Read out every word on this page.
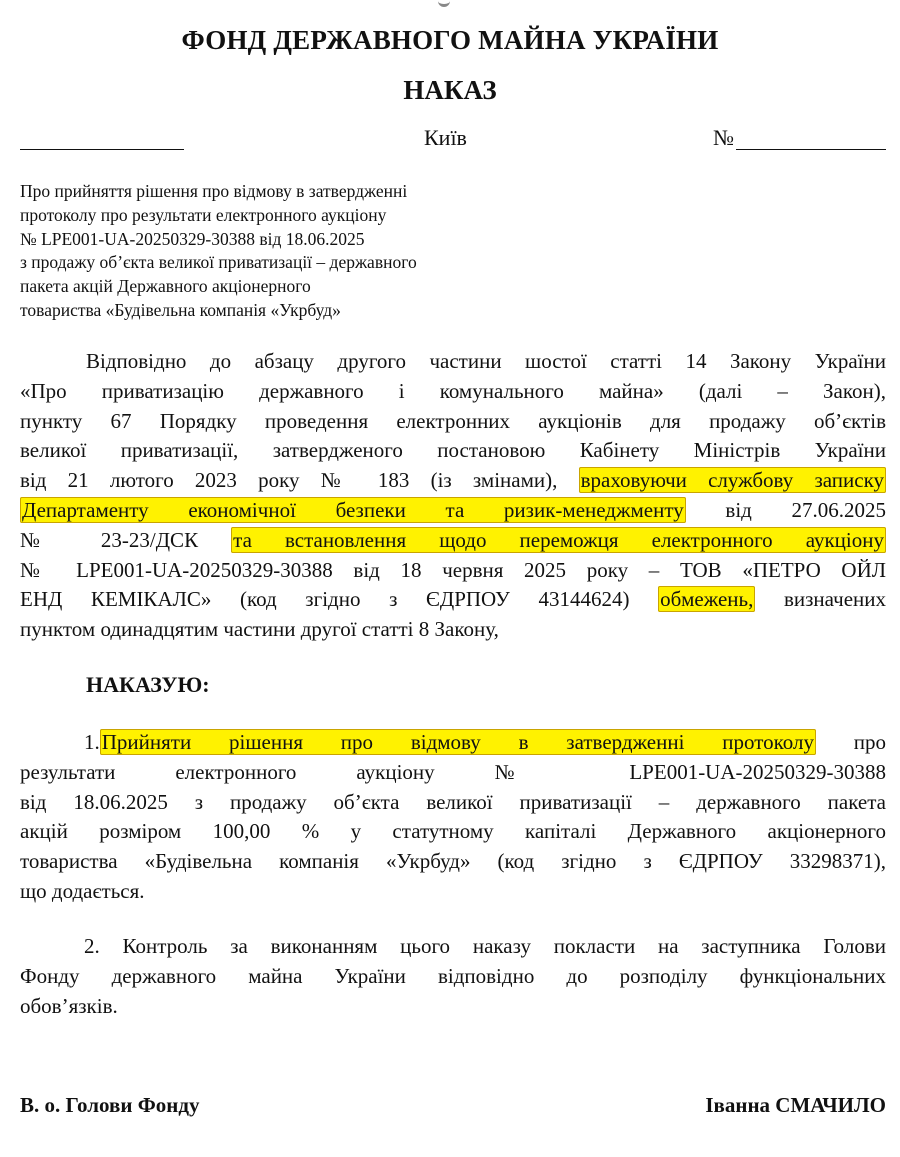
ФОНД ДЕРЖАВНОГО МАЙНА УКРАЇНИ
НАКАЗ
Київ	№
Про прийняття рішення про відмову в затвердженні
протоколу про результати електронного аукціону
№ LPE001-UA-20250329-30388 від 18.06.2025
з продажу об’єкта великої приватизації – державного
пакета акцій Державного акціонерного
товариства «Будівельна компанія «Укрбуд»
Відповідно до абзацу другого частини шостої статті 14 Закону України
«Про приватизацію державного і комунального майна» (далі – Закон),
пункту 67 Порядку проведення електронних аукціонів для продажу об’єктів
великої приватизації, затвердженого постановою Кабінету Міністрів України
від 21 лютого 2023 року № 183 (із змінами), враховуючи службову записку
Департаменту економічної безпеки та ризик-менеджменту від 27.06.2025
№ 23-23/ДСК та встановлення щодо переможця електронного аукціону
№ LPE001-UA-20250329-30388 від 18 червня 2025 року – ТОВ «ПЕТРО ОЙЛ
ЕНД КЕМІКАЛС» (код згідно з ЄДРПОУ 43144624) обмежень, визначених
пунктом одинадцятим частини другої статті 8 Закону,
НАКАЗУЮ:
1.Прийняти рішення про відмову в затвердженні протоколу про
результати електронного аукціону № LPE001-UA-20250329-30388
від 18.06.2025 з продажу об’єкта великої приватизації – державного пакета
акцій розміром 100,00 % у статутному капіталі Державного акціонерного
товариства «Будівельна компанія «Укрбуд» (код згідно з ЄДРПОУ 33298371),
що додається.
2. Контроль за виконанням цього наказу покласти на заступника Голови
Фонду державного майна України відповідно до розподілу функціональних
обов’язків.
В. о. Голови Фонду	Іванна СМАЧИЛО
